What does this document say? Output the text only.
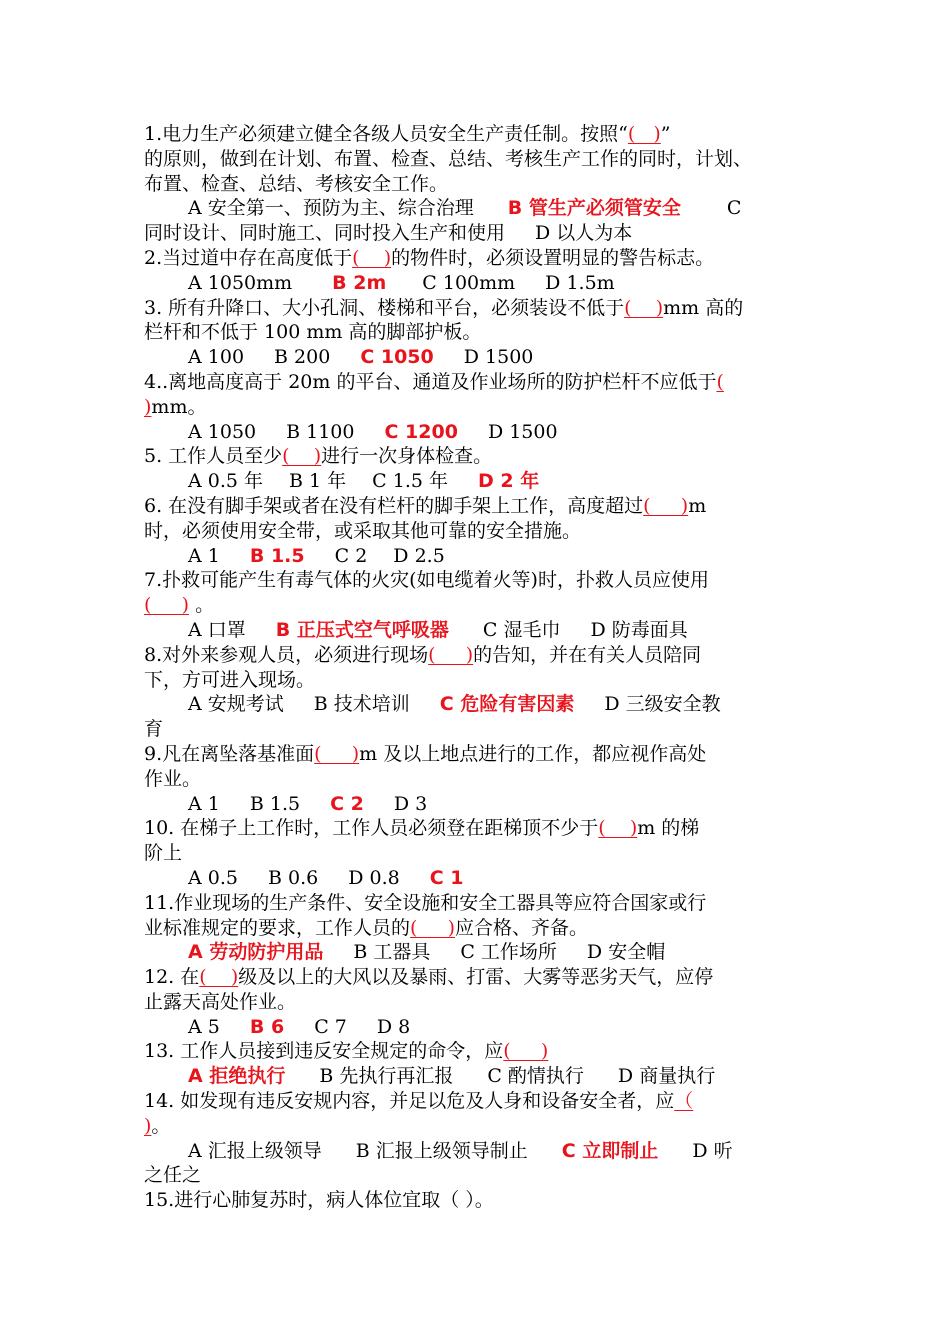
1.电力生产必须建立健全各级人员安全生产责任制。按照“(   )”
的原则，做到在计划、布置、检查、总结、考核生产工作的同时，计划、
布置、检查、总结、考核安全工作。
A 安全第一、预防为主、综合治理 B 管生产必须管安全 C
同时设计、同时施工、同时投入生产和使用 D 以人为本
2.当过道中存在高度低于(    )的物件时，必须设置明显的警告标志。
A 1050mm B 2m C 100mm D 1.5m
3. 所有升降口、大小孔洞、楼梯和平台，必须装设不低于(    )mm 高的
栏杆和不低于 100 mm 高的脚部护板。
A 100 B 200 C 1050 D 1500
4..离地高度高于 20m 的平台、通道及作业场所的防护栏杆不应低于(
)mm。
A 1050 B 1100 C 1200 D 1500
5. 工作人员至少(    )进行一次身体检查。
A 0.5 年 B 1 年 C 1.5 年 D 2 年
6. 在没有脚手架或者在没有栏杆的脚手架上工作，高度超过(     )m
时，必须使用安全带，或采取其他可靠的安全措施。
A 1 B 1.5 C 2 D 2.5
7.扑救可能产生有毒气体的火灾(如电缆着火等)时，扑救人员应使用
(     ) 。
A 口罩 B 正压式空气呼吸器 C 湿毛巾 D 防毒面具
8.对外来参观人员，必须进行现场(     )的告知，并在有关人员陪同
下，方可进入现场。
A 安规考试 B 技术培训 C 危险有害因素 D 三级安全教
育
9.凡在离坠落基准面(     )m 及以上地点进行的工作，都应视作高处
作业。
A 1 B 1.5 C 2 D 3
10. 在梯子上工作时，工作人员必须登在距梯顶不少于(    )m 的梯
阶上
A 0.5 B 0.6 D 0.8 C 1
11.作业现场的生产条件、安全设施和安全工器具等应符合国家或行
业标准规定的要求，工作人员的(     )应合格、齐备。
A 劳动防护用品 B 工器具 C 工作场所 D 安全帽
12. 在(    )级及以上的大风以及暴雨、打雷、大雾等恶劣天气，应停
止露天高处作业。
A 5 B 6 C 7 D 8
13. 工作人员接到违反安全规定的命令，应(     )
A 拒绝执行 B 先执行再汇报 C 酌情执行 D 商量执行
14. 如发现有违反安规内容，并足以危及人身和设备安全者，应（
)。
A 汇报上级领导 B 汇报上级领导制止 C 立即制止 D 听
之任之
15.进行心肺复苏时，病人体位宜取（ ）。
